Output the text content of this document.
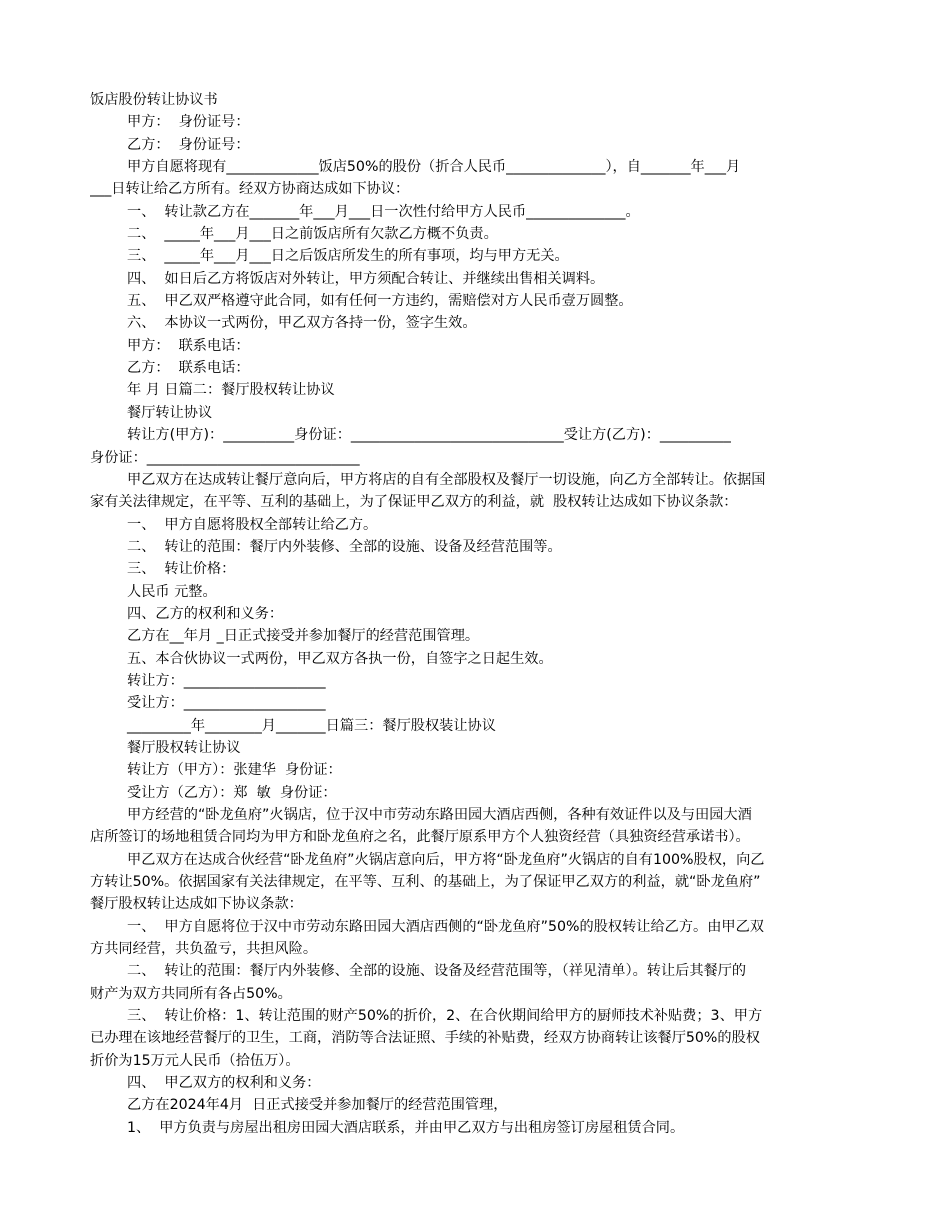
饭店股份转让协议书
甲方：  身份证号：
乙方：  身份证号：
甲方自愿将现有_____________饭店50%的股份（折合人民币______________），自_______年___月
___日转让给乙方所有。经双方协商达成如下协议：
一、  转让款乙方在_______年___月___日一次性付给甲方人民币______________。
二、  _____年___月___日之前饭店所有欠款乙方概不负责。
三、  _____年___月___日之后饭店所发生的所有事项，均与甲方无关。
四、  如日后乙方将饭店对外转让，甲方须配合转让、并继续出售相关调料。
五、  甲乙双严格遵守此合同，如有任何一方违约，需赔偿对方人民币壹万圆整。
六、  本协议一式两份，甲乙双方各持一份，签字生效。
甲方：  联系电话：
乙方：  联系电话：
年 月 日篇二：餐厅股权转让协议
餐厅转让协议
转让方(甲方)：__________身份证：______________________________受让方(乙方)：__________
身份证：______________________________
甲乙双方在达成转让餐厅意向后，甲方将店的自有全部股权及餐厅一切设施，向乙方全部转让。依据国
家有关法律规定，在平等、互利的基础上，为了保证甲乙双方的利益，就  股权转让达成如下协议条款：
一、  甲方自愿将股权全部转让给乙方。
二、  转让的范围：餐厅内外装修、全部的设施、设备及经营范围等。
三、  转让价格：
人民币 元整。
四、乙方的权利和义务：
乙方在__年月 _日正式接受并参加餐厅的经营范围管理。
五、本合伙协议一式两份，甲乙双方各执一份，自签字之日起生效。
转让方：____________________
受让方：____________________
_________年________月_______日篇三：餐厅股权装让协议
餐厅股权转让协议
转让方（甲方）：张建华  身份证：
受让方（乙方）：郑  敏  身份证：
甲方经营的“卧龙鱼府”火锅店，位于汉中市劳动东路田园大酒店西侧，各种有效证件以及与田园大酒
店所签订的场地租赁合同均为甲方和卧龙鱼府之名，此餐厅原系甲方个人独资经营（具独资经营承诺书）。
甲乙双方在达成合伙经营“卧龙鱼府”火锅店意向后，甲方将“卧龙鱼府”火锅店的自有100%股权，向乙
方转让50%。依据国家有关法律规定，在平等、互利、的基础上，为了保证甲乙双方的利益，就“卧龙鱼府”
餐厅股权转让达成如下协议条款：
一、  甲方自愿将位于汉中市劳动东路田园大酒店西侧的“卧龙鱼府”50%的股权转让给乙方。由甲乙双
方共同经营，共负盈亏，共担风险。
二、  转让的范围：餐厅内外装修、全部的设施、设备及经营范围等，（祥见清单）。转让后其餐厅的
财产为双方共同所有各占50%。
三、  转让价格：1、转让范围的财产50%的折价，2、在合伙期间给甲方的厨师技术补贴费；3、甲方
已办理在该地经营餐厅的卫生，工商，消防等合法证照、手续的补贴费，经双方协商转让该餐厅50%的股权
折价为15万元人民币（拾伍万）。
四、  甲乙双方的权利和义务：
乙方在2024年4月  日正式接受并参加餐厅的经营范围管理，
1、  甲方负责与房屋出租房田园大酒店联系，并由甲乙双方与出租房签订房屋租赁合同。
